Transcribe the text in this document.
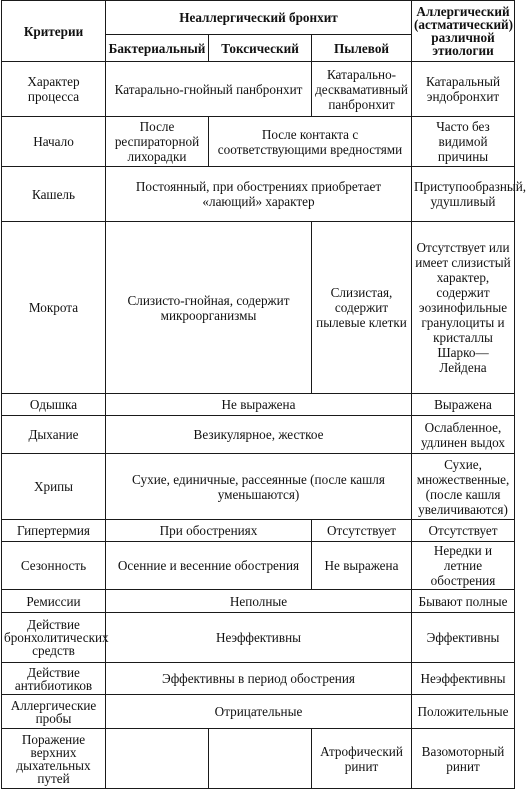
Критерии	Неаллергический бронхит			Аллергический (астматический) различной этиологии
	Бактериальный	Токсический	Пылевой	
Характер процесса	Катарально-гнойный панбронхит		Катарально-десквамативный панбронхит	Катаральный эндобронхит
Начало	После респираторной лихорадки	После контакта с соответствующими вредностями		Часто без видимой причины
Кашель	Постоянный, при обострениях приобретает «лающий» характер			Приступообразный, удушливый
Мокрота	Слизисто-гнойная, содержит микроорганизмы		Слизистая, содержит пылевые клетки	Отсутствует или имеет слизистый характер, содержит эозинофильные гранулоциты и кристаллы Шарко—Лейдена
Одышка	Не выражена			Выражена
Дыхание	Везикулярное, жесткое			Ослабленное, удлинен выдох
Хрипы	Сухие, единичные, рассеянные (после кашля уменьшаются)			Сухие, множественные, (после кашля увеличиваются)
Гипертермия	При обострениях		Отсутствует	Отсутствует
Сезонность	Осенние и весенние обострения		Не выражена	Нередки и летние обострения
Ремиссии	Неполные			Бывают полные
Действие бронхолитических средств	Неэффективны			Эффективны
Действие антибиотиков	Эффективны в период обострения			Неэффективны
Аллергические пробы	Отрицательные			Положительные
Поражение верхних дыхательных путей			Атрофический ринит	Вазомоторный ринит
